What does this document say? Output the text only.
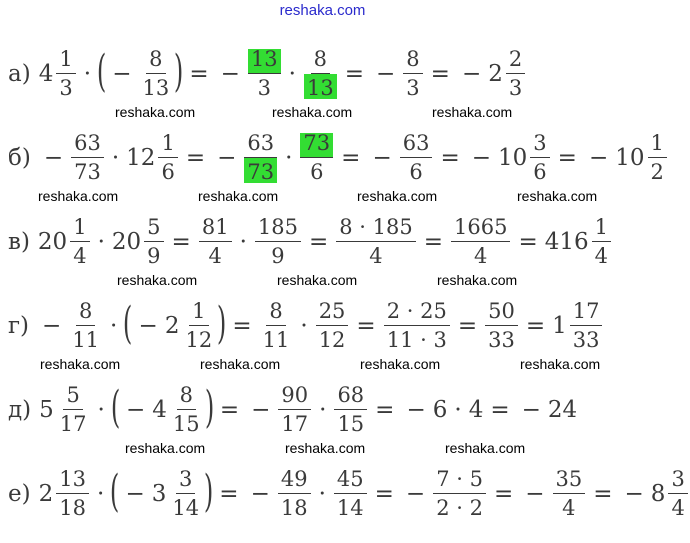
reshaka.com
а) $4 \frac{1}{3}$ · ( − $\frac{8}{13}$ ) = − $\frac{13}{3} \cdot \frac{8}{13}$ = − $\frac{8}{3}$ = − $2 \frac{2}{3}$
$б) - \frac{63}{73} \cdot 12 \frac{1}{6}$ = − $\frac{63}{73} \cdot \frac{73}{6}$ = − $\frac{63}{6}$ = − $10 \frac{3}{6}$ = − $10 \frac{1}{2}$
в) $20 \frac{1}{4} \cdot 20 \frac{5}{9} = \frac{81}{4} \cdot \frac{185}{9} = \frac{8 \cdot 185}{4} = \frac{1665}{4} = 416 \frac{1}{4}$
$г) - \frac{8}{11}$ · ( − $2 \frac{1}{12}$ ) = $\frac{8}{11} \cdot \frac{25}{12} = \frac{2 \cdot 25}{11 \cdot 3} = \frac{50}{33} = 1 \frac{17}{33}$
д) $5 \frac{5}{17}$ · ( − $4 \frac{8}{15}$ ) = − $\frac{90}{17} \cdot \frac{68}{15}$ = − 6 · 4 = − 24
е) $2 \frac{13}{18}$ · ( − $3 \frac{3}{14}$ ) = − $\frac{49}{18} \cdot \frac{45}{14}$ = − $\frac{7 \cdot 5}{2 \cdot 2}$ = − $\frac{35}{4}$ = − $8 \frac{3}{4}$
reshaka.com	reshaka.com	reshaka.com
reshaka.com	reshaka.com	reshaka.com	reshaka.com
reshaka.com	reshaka.com	reshaka.com
reshaka.com	reshaka.com	reshaka.com	reshaka.com
reshaka.com	reshaka.com	reshaka.com
